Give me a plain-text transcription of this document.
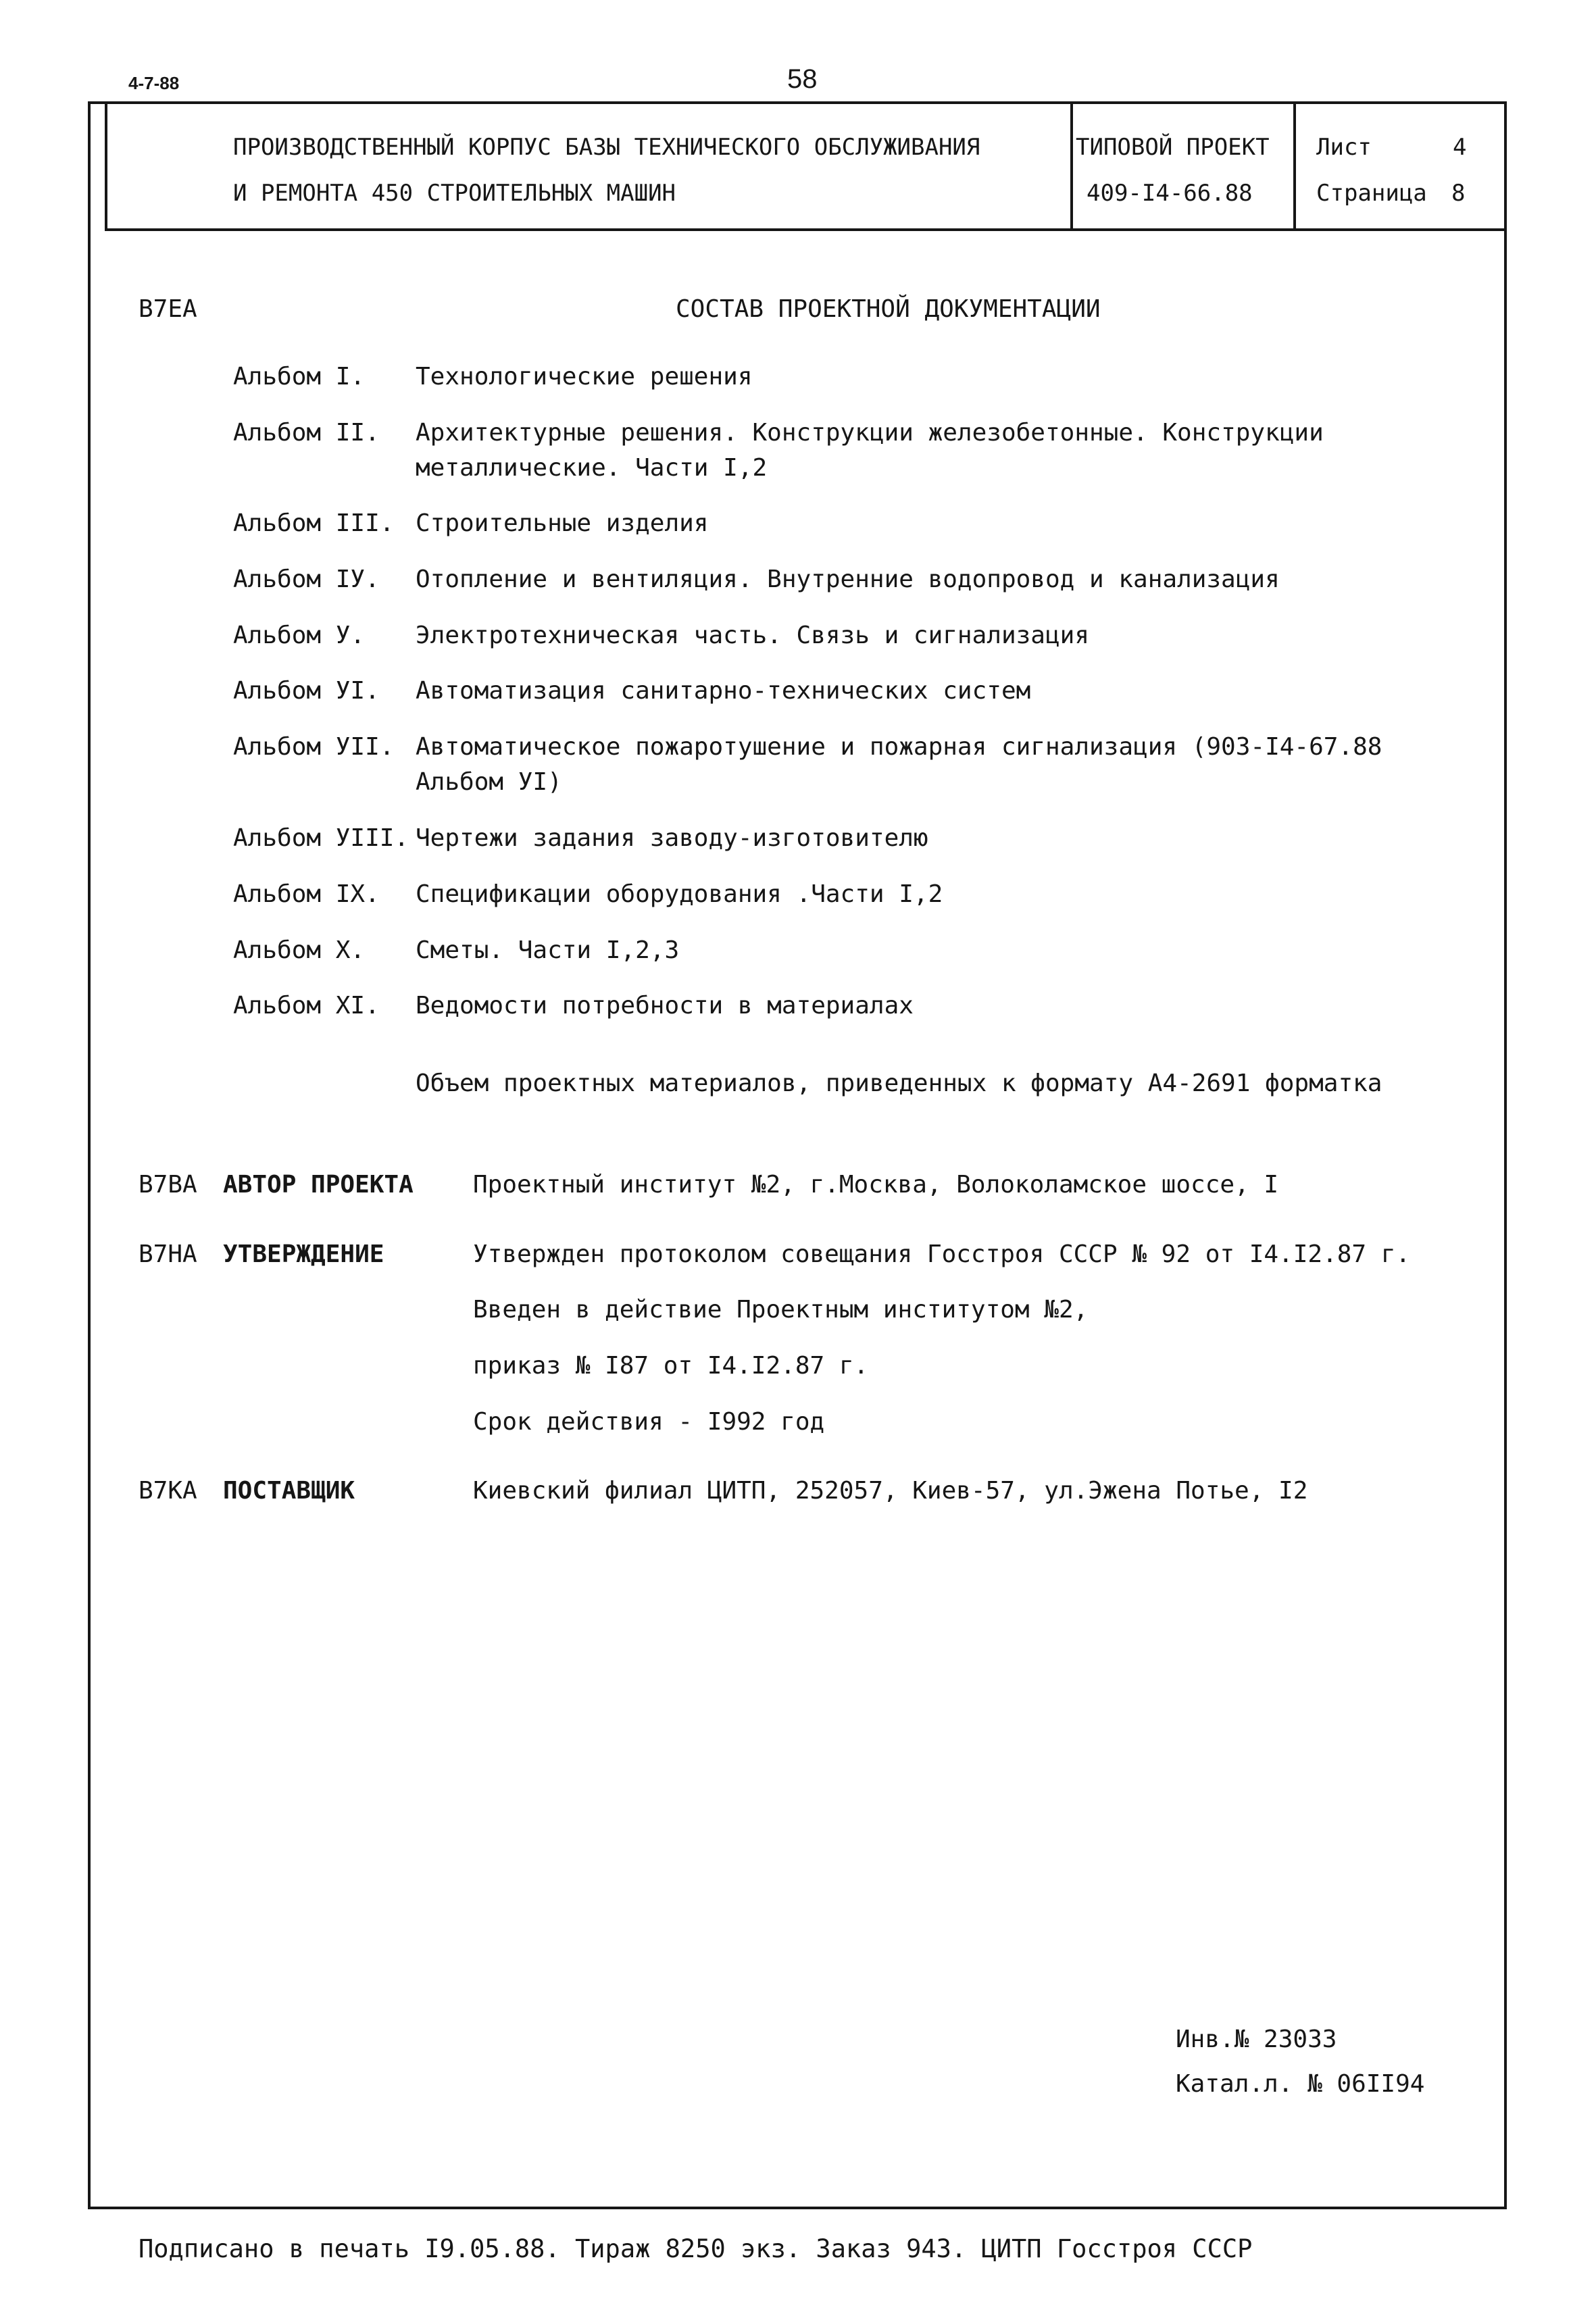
4-7-88	58
ПРОИЗВОДСТВЕННЫЙ КОРПУС БАЗЫ ТЕХНИЧЕСКОГО ОБСЛУЖИВАНИЯ
И РЕМОНТА 450 СТРОИТЕЛЬНЫХ МАШИН
ТИПОВОЙ ПРОЕКТ
409-I4-66.88
Лист	4
Страница 8
В7ЕА	СОСТАВ ПРОЕКТНОЙ ДОКУМЕНТАЦИИ
Альбом I. Технологические решения
Альбом II. Архитектурные решения. Конструкции железобетонные. Конструкции
металлические. Части I,2
Альбом III. Строительные изделия
Альбом IУ. Отопление и вентиляция. Внутренние водопровод и канализация
Альбом У. Электротехническая часть. Связь и сигнализация
Альбом УI. Автоматизация санитарно-технических систем
Альбом УII. Автоматическое пожаротушение и пожарная сигнализация (903-I4-67.88
Альбом УI)
Альбом УIII. Чертежи задания заводу-изготовителю
Альбом IX. Спецификации оборудования .Части I,2
Альбом X. Сметы. Части I,2,3
Альбом XI. Ведомости потребности в материалах
Объем проектных материалов, приведенных к формату А4-2691 форматка
В7ВА АВТОР ПРОЕКТА Проектный институт №2, г.Москва, Волоколамское шоссе, I
В7НА УТВЕРЖДЕНИЕ	Утвержден протоколом совещания Госстроя СССР № 92 от I4.I2.87 г.
Введен в действие Проектным институтом №2,
приказ № I87 от I4.I2.87 г.
Срок действия - I992 год
В7КА ПОСТАВЩИК	Киевский филиал ЦИТП, 252057, Киев-57, ул.Эжена Потье, I2
Инв.№ 23033
Катал.л. № 06II94
Подписано в печать I9.05.88. Тираж 8250 экз. Заказ 943. ЦИТП Госстроя СССР
